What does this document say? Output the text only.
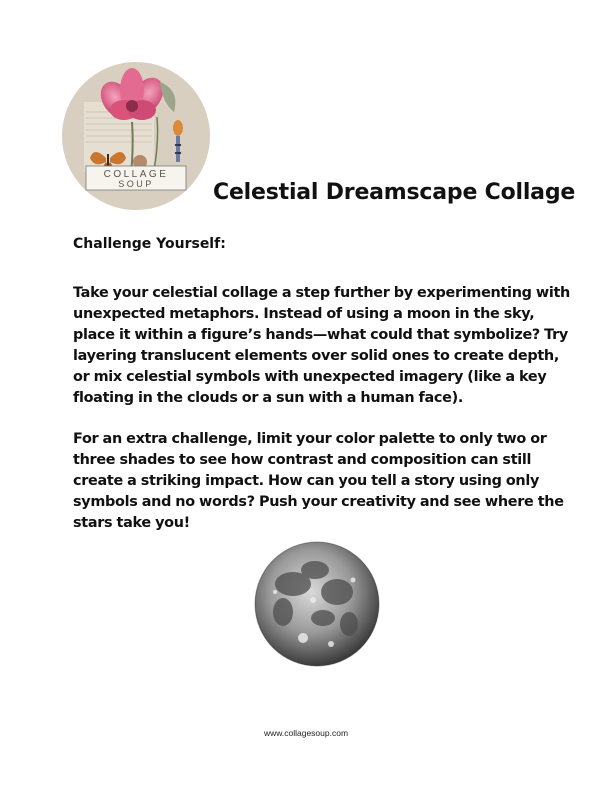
COLLAGE
SOUP	Celestial Dreamscape Collage
Challenge Yourself:
Take your celestial collage a step further by experimenting with unexpected metaphors. Instead of using a moon in the sky, place it within a figure’s hands—what could that symbolize? Try layering translucent elements over solid ones to create depth, or mix celestial symbols with unexpected imagery (like a key floating in the clouds or a sun with a human face).
For an extra challenge, limit your color palette to only two or three shades to see how contrast and composition can still create a striking impact. How can you tell a story using only symbols and no words? Push your creativity and see where the stars take you!
www.collagesoup.com
